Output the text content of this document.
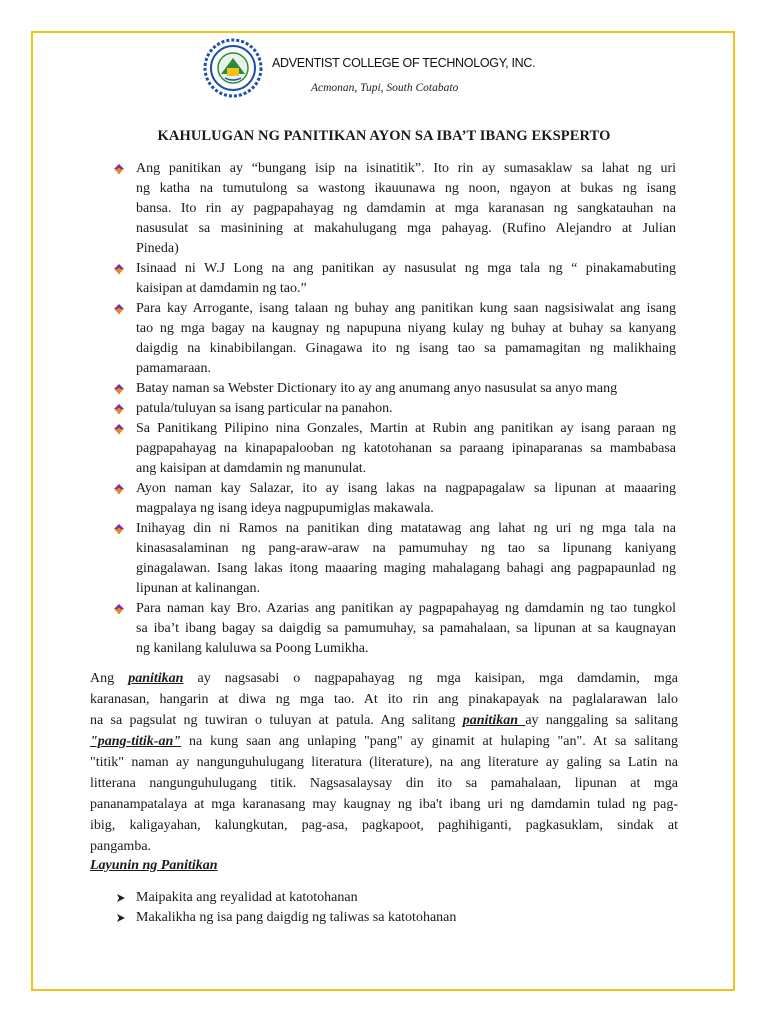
ADVENTIST COLLEGE OF TECHNOLOGY, INC.
Acmonan, Tupi, South Cotabato
KAHULUGAN NG PANITIKAN AYON SA IBA’T IBANG EKSPERTO
Ang panitikan ay “bungang isip na isinatitik”. Ito rin ay sumasaklaw sa lahat ng uri
ng katha na tumutulong sa wastong ikauunawa ng noon, ngayon at bukas ng isang
bansa. Ito rin ay pagpapahayag ng damdamin at mga karanasan ng sangkatauhan na
nasusulat sa masinining at makahulugang mga pahayag. (Rufino Alejandro at Julian
Pineda)
Isinaad ni W.J Long na ang panitikan ay nasusulat ng mga tala ng “ pinakamabuting
kaisipan at damdamin ng tao.”
Para kay Arrogante, isang talaan ng buhay ang panitikan kung saan nagsisiwalat ang isang
tao ng mga bagay na kaugnay ng napupuna niyang kulay ng buhay at buhay sa kanyang
daigdig na kinabibilangan. Ginagawa ito ng isang tao sa pamamagitan ng malikhaing
pamamaraan.
Batay naman sa Webster Dictionary ito ay ang anumang anyo nasusulat sa anyo mang
patula/tuluyan sa isang particular na panahon.
Sa Panitikang Pilipino nina Gonzales, Martin at Rubin ang panitikan ay isang paraan ng
pagpapahayag na kinapapalooban ng katotohanan sa paraang ipinaparanas sa mambabasa
ang kaisipan at damdamin ng manunulat.
Ayon naman kay Salazar, ito ay isang lakas na nagpapagalaw sa lipunan at maaaring
magpalaya ng isang ideya nagpupumiglas makawala.
Inihayag din ni Ramos na panitikan ding matatawag ang lahat ng uri ng mga tala na
kinasasalaminan ng pang-araw-araw na pamumuhay ng tao sa lipunang kaniyang
ginagalawan. Isang lakas itong maaaring maging mahalagang bahagi ang pagpapaunlad ng
lipunan at kalinangan.
Para naman kay Bro. Azarias ang panitikan ay pagpapahayag ng damdamin ng tao tungkol
sa iba’t ibang bagay sa daigdig sa pamumuhay, sa pamahalaan, sa lipunan at sa kaugnayan
ng kanilang kaluluwa sa Poong Lumikha.
Ang panitikan ay nagsasabi o nagpapahayag ng mga kaisipan, mga damdamin, mga
karanasan, hangarin at diwa ng mga tao. At ito rin ang pinakapayak na paglalarawan lalo
na sa pagsulat ng tuwiran o tuluyan at patula. Ang salitang panitikan ay nanggaling sa salitang
"pang-titik-an" na kung saan ang unlaping "pang" ay ginamit at hulaping "an". At sa salitang
"titik" naman ay nangunguhulugang literatura (literature), na ang literature ay galing sa Latin na
litterana nangunguhulugang titik. Nagsasalaysay din ito sa pamahalaan, lipunan at mga
pananampatalaya at mga karanasang may kaugnay ng iba't ibang uri ng damdamin tulad ng pag-
ibig, kaligayahan, kalungkutan, pag-asa, pagkapoot, paghihiganti, pagkasuklam, sindak at
pangamba.
Layunin ng Panitikan
Maipakita ang reyalidad at katotohanan
Makalikha ng isa pang daigdig ng taliwas sa katotohanan
